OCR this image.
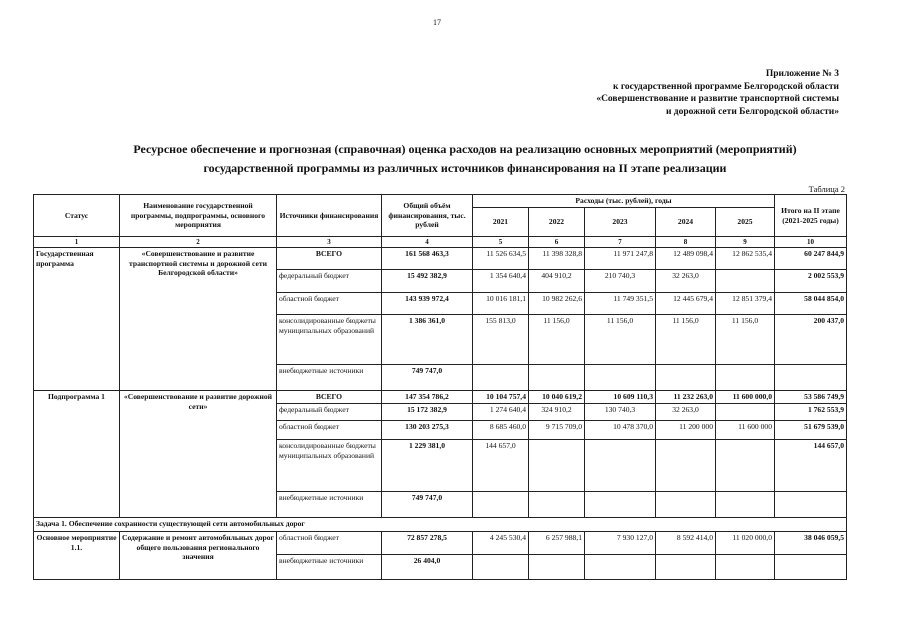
17
Приложение № 3
к государственной программе Белгородской области
«Совершенствование и развитие транспортной системы
и дорожной сети Белгородской области»
Ресурсное обеспечение и прогнозная (справочная) оценка расходов на реализацию основных мероприятий (мероприятий)
государственной программы из различных источников финансирования на II этапе реализации
Таблица 2
Статус	Наименование государственной программы, подпрограммы, основного мероприятия	Источники финансирования	Общий объём финансирования, тыс. рублей	Расходы (тыс. рублей), годы					Итого на II этапе (2021-2025 годы)
				2021	2022	2023	2024	2025	
1	2	3	4	5	6	7	8	9	10
Государственная программа	«Совершенствование и развитие транспортной системы и дорожной сети Белгородской области»	ВСЕГО	161 568 463,3	11 526 634,5	11 398 328,8	11 971 247,8	12 489 098,4	12 862 535,4	60 247 844,9
		федеральный бюджет	15 492 382,9	1 354 640,4	404 910,2	210 740,3	32 263,0		2 002 553,9
		областной бюджет	143 939 972,4	10 016 181,1	10 982 262,6	11 749 351,5	12 445 679,4	12 851 379,4	58 044 854,0
		консолидированные бюджеты муниципальных образований	1 386 361,0	155 813,0	11 156,0	11 156,0	11 156,0	11 156,0	200 437,0
		внебюджетные источники	749 747,0						
Подпрограмма 1	«Совершенствование и развитие дорожной сети»	ВСЕГО	147 354 786,2	10 104 757,4	10 040 619,2	10 609 110,3	11 232 263,0	11 600 000,0	53 586 749,9
		федеральный бюджет	15 172 382,9	1 274 640,4	324 910,2	130 740,3	32 263,0		1 762 553,9
		областной бюджет	130 203 275,3	8 685 460,0	9 715 709,0	10 478 370,0	11 200 000	11 600 000	51 679 539,0
		консолидированные бюджеты муниципальных образований	1 229 381,0	144 657,0					144 657,0
		внебюджетные источники	749 747,0						
Задача 1. Обеспечение сохранности существующей сети автомобильных дорог									
Основное мероприятие 1.1.	Содержание и ремонт автомобильных дорог общего пользования регионального значения	областной бюджет	72 857 278,5	4 245 530,4	6 257 988,1	7 930 127,0	8 592 414,0	11 020 000,0	38 046 059,5
		внебюджетные источники	26 404,0						
